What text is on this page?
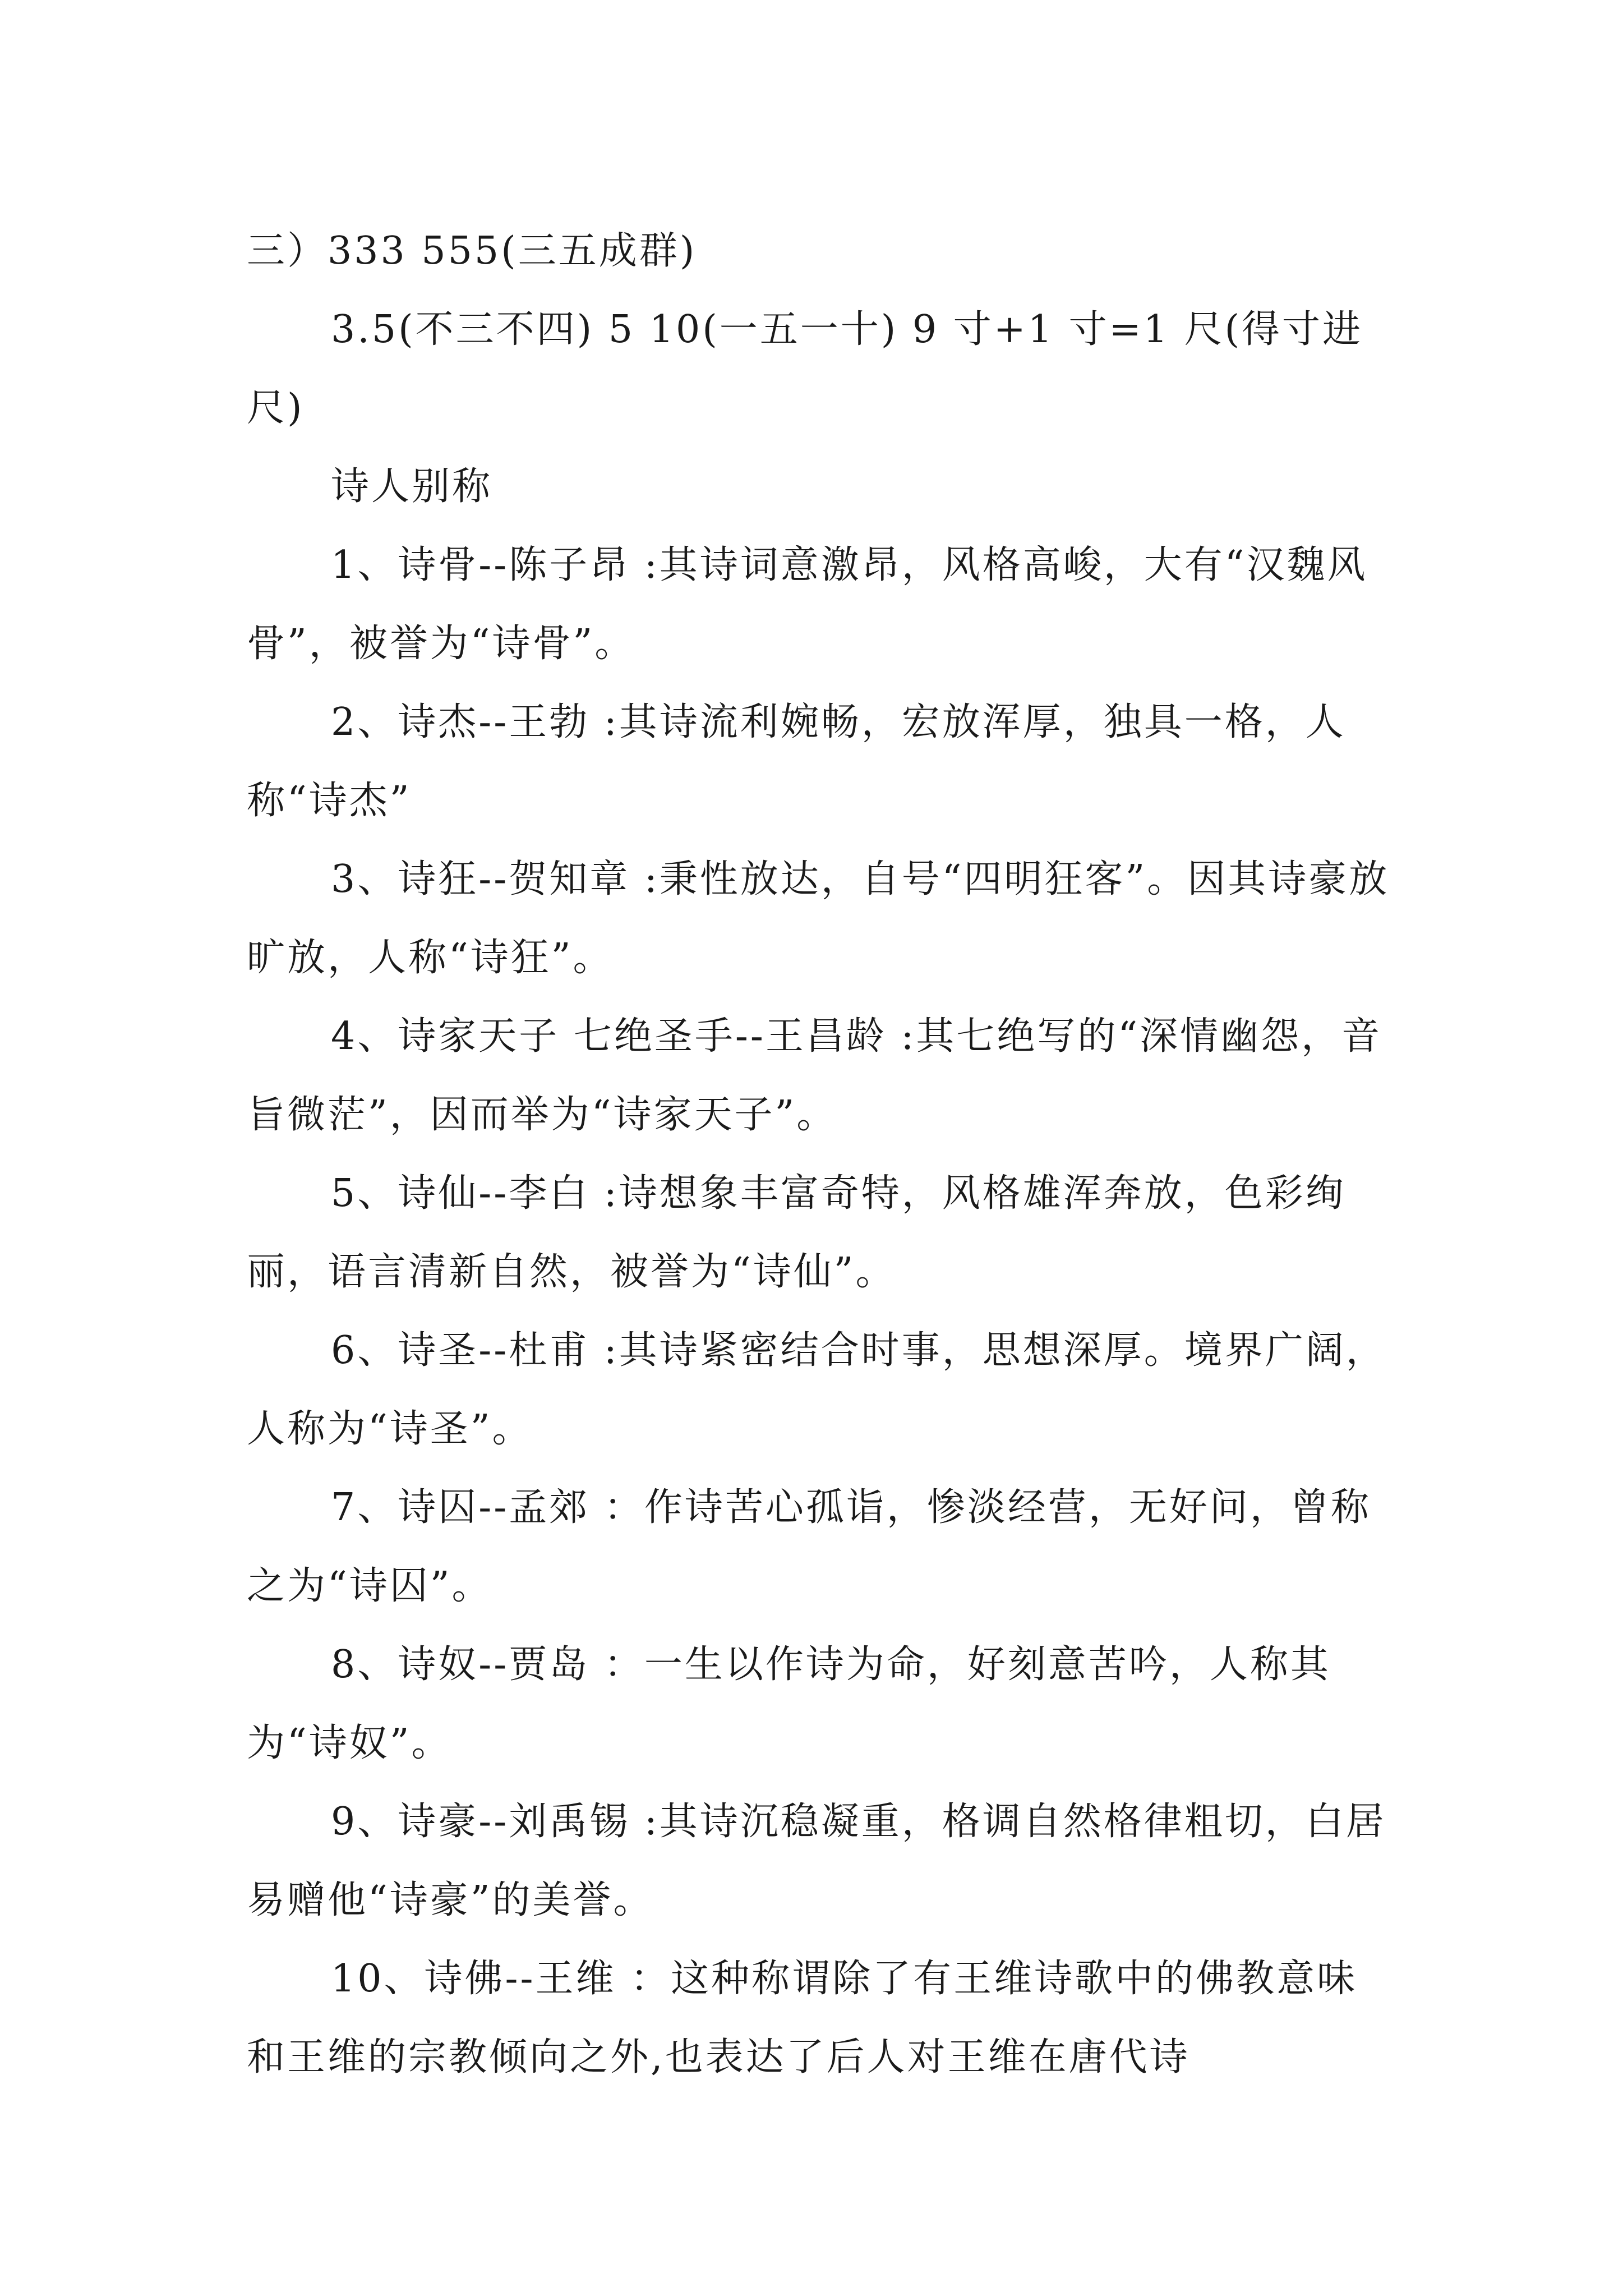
三）333 555(三五成群)

3.5(不三不四) 5 10(一五一十) 9 寸+1 寸=1 尺(得寸进尺)

诗人别称

1、诗骨--陈子昂 :其诗词意激昂，风格高峻，大有“汉魏风骨”，被誉为“诗骨”。

2、诗杰--王勃 :其诗流利婉畅，宏放浑厚，独具一格，人称“诗杰”

3、诗狂--贺知章 :秉性放达，自号“四明狂客”。因其诗豪放旷放，人称“诗狂”。

4、诗家天子 七绝圣手--王昌龄 :其七绝写的“深情幽怨，音旨微茫”，因而举为“诗家天子”。

5、诗仙--李白 :诗想象丰富奇特，风格雄浑奔放，色彩绚丽，语言清新自然，被誉为“诗仙”。

6、诗圣--杜甫 :其诗紧密结合时事，思想深厚。境界广阔，人称为“诗圣”。

7、诗囚--孟郊 ：作诗苦心孤诣，惨淡经营，无好问，曾称之为“诗囚”。

8、诗奴--贾岛 ：一生以作诗为命，好刻意苦吟，人称其为“诗奴”。

9、诗豪--刘禹锡 :其诗沉稳凝重，格调自然格律粗切，白居易赠他“诗豪”的美誉。

10、诗佛--王维 ：这种称谓除了有王维诗歌中的佛教意味和王维的宗教倾向之外,也表达了后人对王维在唐代诗
